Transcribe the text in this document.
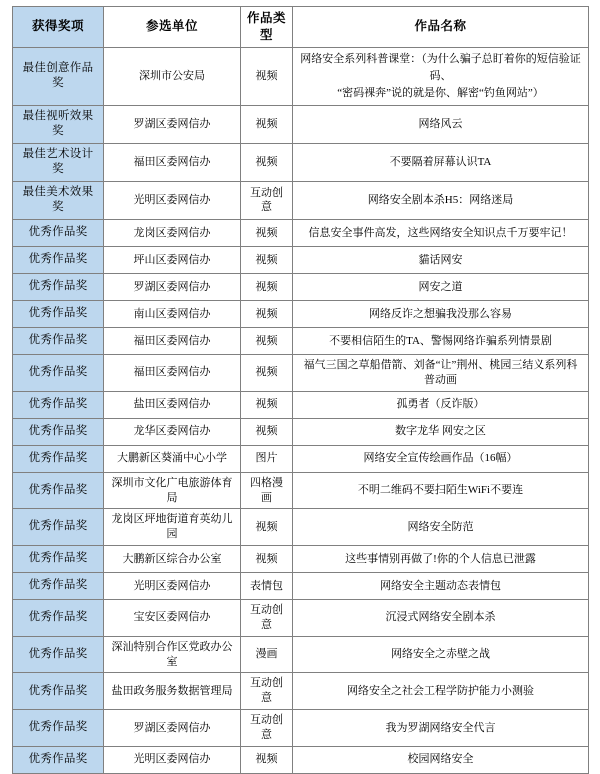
获得奖项	参选单位	作品类型	作品名称
最佳创意作品奖	深圳市公安局	视频	网络安全系列科普课堂：（为什么骗子总盯着你的短信验证码、
“密码裸奔”说的就是你、解密“钓鱼网站”）

最佳视听效果奖	罗湖区委网信办	视频	网络风云
最佳艺术设计奖	福田区委网信办	视频	不要隔着屏幕认识TA
最佳美术效果奖	光明区委网信办	互动创意	网络安全剧本杀H5：网络迷局
优秀作品奖	龙岗区委网信办	视频	信息安全事件高发，这些网络安全知识点千万要牢记！
优秀作品奖	坪山区委网信办	视频	貓话网安
优秀作品奖	罗湖区委网信办	视频	网安之道
优秀作品奖	南山区委网信办	视频	网络反诈之想骗我没那么容易
优秀作品奖	福田区委网信办	视频	不要相信陌生的TA、警惕网络诈骗系列情景剧
优秀作品奖	福田区委网信办	视频	福气三国之草船借箭、刘备“让”荆州、桃园三结义系列科普动画
优秀作品奖	盐田区委网信办	视频	孤勇者（反诈版）
优秀作品奖	龙华区委网信办	视频	数字龙华 网安之区
优秀作品奖	大鹏新区葵涌中心小学	图片	网络安全宣传绘画作品（16幅）
优秀作品奖	深圳市文化广电旅游体育局	四格漫画	不明二维码不要扫陌生WiFi不要连
优秀作品奖	龙岗区坪地街道育英幼儿园	视频	网络安全防范
优秀作品奖	大鹏新区综合办公室	视频	这些事情别再做了!你的个人信息已泄露
优秀作品奖	光明区委网信办	表情包	网络安全主题动态表情包
优秀作品奖	宝安区委网信办	互动创意	沉浸式网络安全剧本杀
优秀作品奖	深汕特别合作区党政办公室	漫画	网络安全之赤壁之战
优秀作品奖	盐田政务服务数据管理局	互动创意	网络安全之社会工程学防护能力小测验
优秀作品奖	罗湖区委网信办	互动创意	我为罗湖网络安全代言
优秀作品奖	光明区委网信办	视频	校园网络安全
